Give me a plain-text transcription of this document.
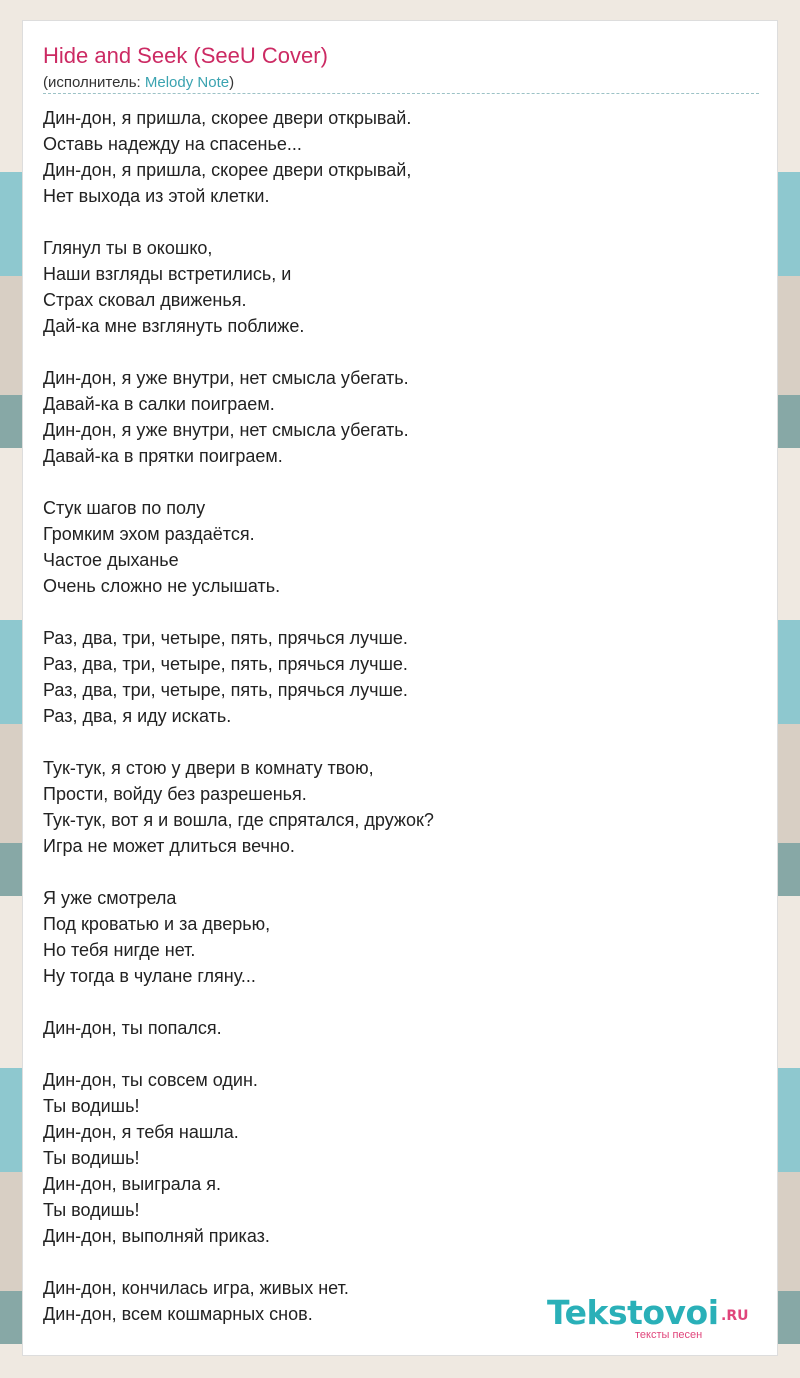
Hide and Seek (SeeU Cover)
(исполнитель: Melody Note)
Дин-дон, я пришла, скорее двери открывай.
Оставь надежду на спасенье...
Дин-дон, я пришла, скорее двери открывай,
Нет выхода из этой клетки.
Глянул ты в окошко,
Наши взгляды встретились, и
Страх сковал движенья.
Дай-ка мне взглянуть поближе.
Дин-дон, я уже внутри, нет смысла убегать.
Давай-ка в салки поиграем.
Дин-дон, я уже внутри, нет смысла убегать.
Давай-ка в прятки поиграем.
Стук шагов по полу
Громким эхом раздаётся.
Частое дыханье
Очень сложно не услышать.
Раз, два, три, четыре, пять, прячься лучше.
Раз, два, три, четыре, пять, прячься лучше.
Раз, два, три, четыре, пять, прячься лучше.
Раз, два, я иду искать.
Тук-тук, я стою у двери в комнату твою,
Прости, войду без разрешенья.
Тук-тук, вот я и вошла, где спрятался, дружок?
Игра не может длиться вечно.
Я уже смотрела
Под кроватью и за дверью,
Но тебя нигде нет.
Ну тогда в чулане гляну...
Дин-дон, ты попался.
Дин-дон, ты совсем один.
Ты водишь!
Дин-дон, я тебя нашла.
Ты водишь!
Дин-дон, выиграла я.
Ты водишь!
Дин-дон, выполняй приказ.
Дин-дон, кончилась игра, живых нет.
Дин-дон, всем кошмарных снов.	Tekstovoi .RU
тексты песен
